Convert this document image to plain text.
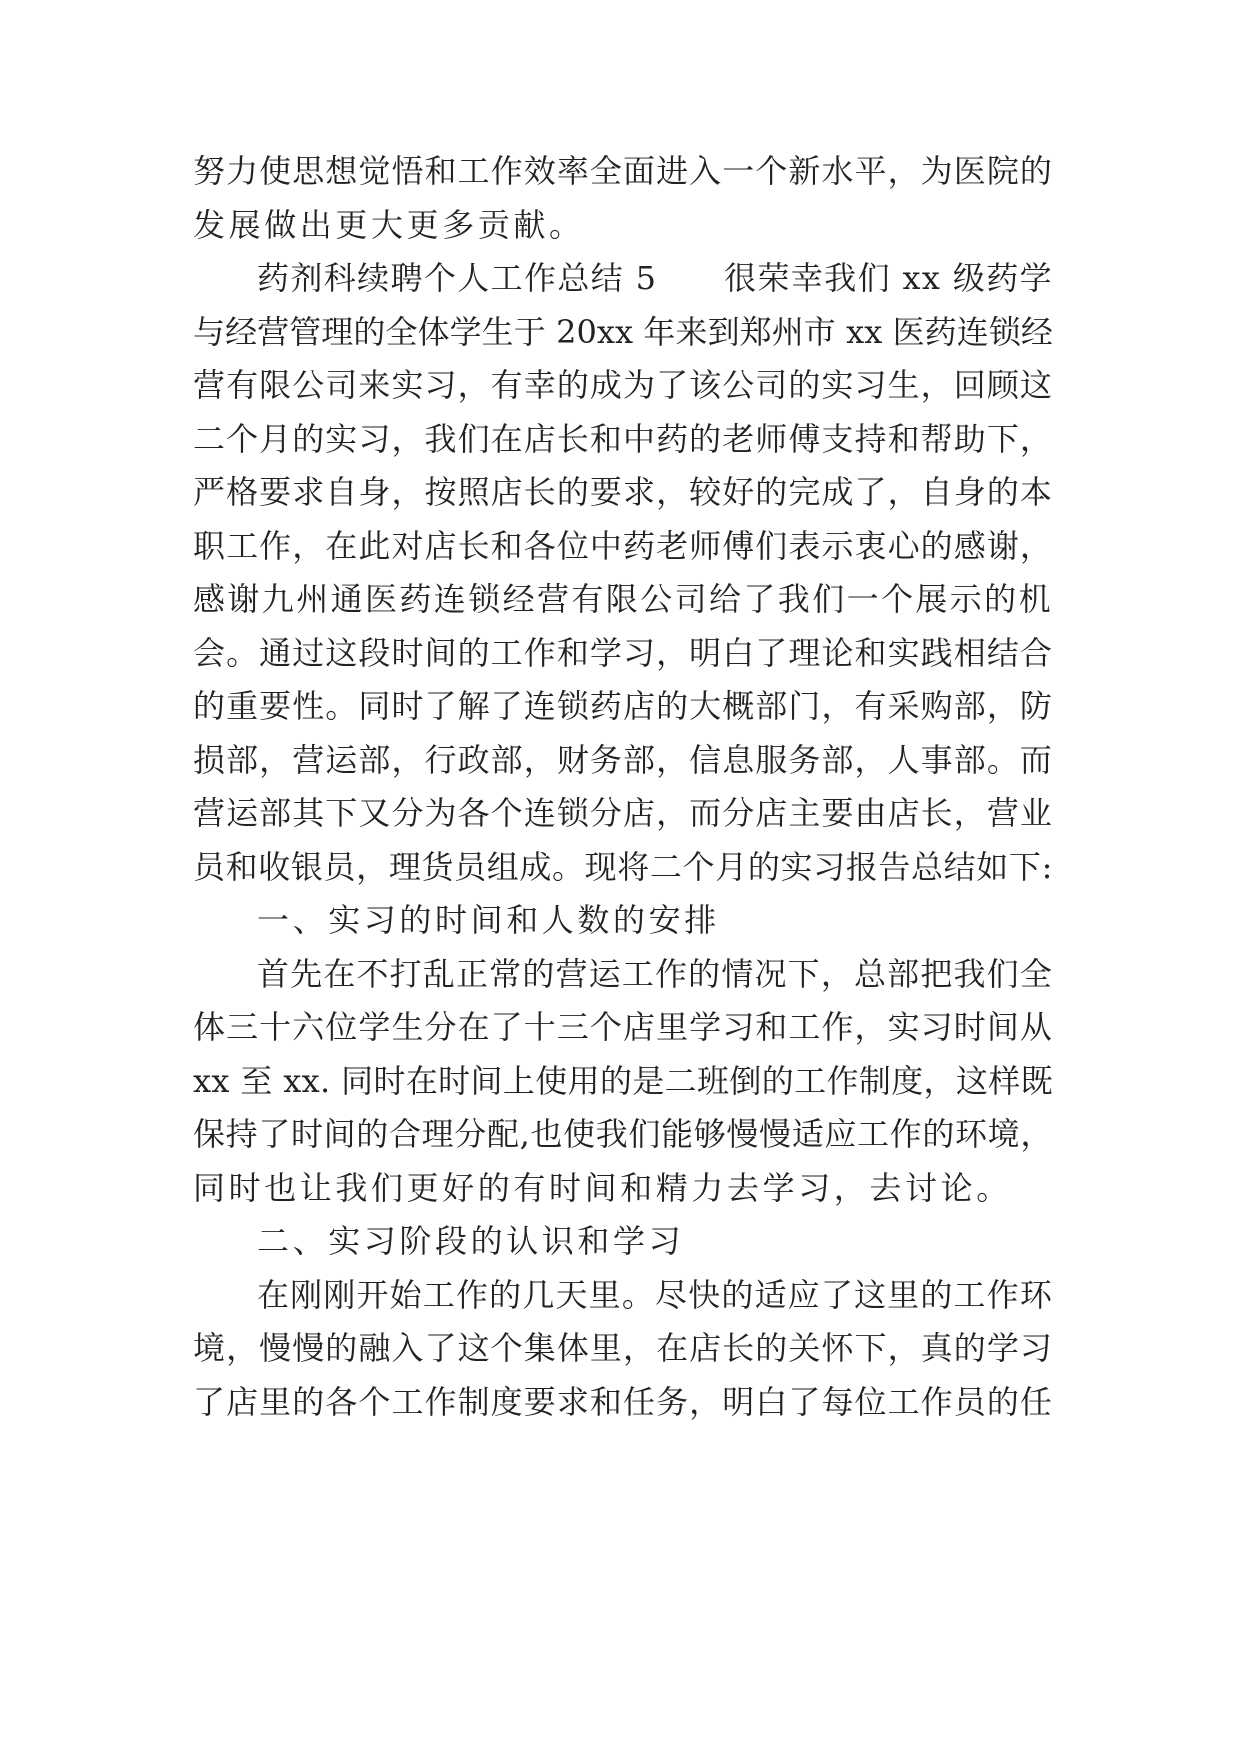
努力使思想觉悟和工作效率全面进入一个新水平，为医院的
发展做出更大更多贡献。
药剂科续聘个人工作总结 5　　很荣幸我们 xx 级药学
与经营管理的全体学生于 20xx 年来到郑州市 xx 医药连锁经
营有限公司来实习，有幸的成为了该公司的实习生，回顾这
二个月的实习，我们在店长和中药的老师傅支持和帮助下，
严格要求自身，按照店长的要求，较好的完成了，自身的本
职工作，在此对店长和各位中药老师傅们表示衷心的感谢，
感谢九州通医药连锁经营有限公司给了我们一个展示的机
会。通过这段时间的工作和学习，明白了理论和实践相结合
的重要性。同时了解了连锁药店的大概部门，有采购部，防
损部，营运部，行政部，财务部，信息服务部，人事部。而
营运部其下又分为各个连锁分店，而分店主要由店长，营业
员和收银员，理货员组成。现将二个月的实习报告总结如下:
一、实习的时间和人数的安排
首先在不打乱正常的营运工作的情况下，总部把我们全
体三十六位学生分在了十三个店里学习和工作，实习时间从
xx 至 xx. 同时在时间上使用的是二班倒的工作制度，这样既
保持了时间的合理分配,也使我们能够慢慢适应工作的环境，
同时也让我们更好的有时间和精力去学习，去讨论。
二、实习阶段的认识和学习
在刚刚开始工作的几天里。尽快的适应了这里的工作环
境，慢慢的融入了这个集体里，在店长的关怀下，真的学习
了店里的各个工作制度要求和任务，明白了每位工作员的任
